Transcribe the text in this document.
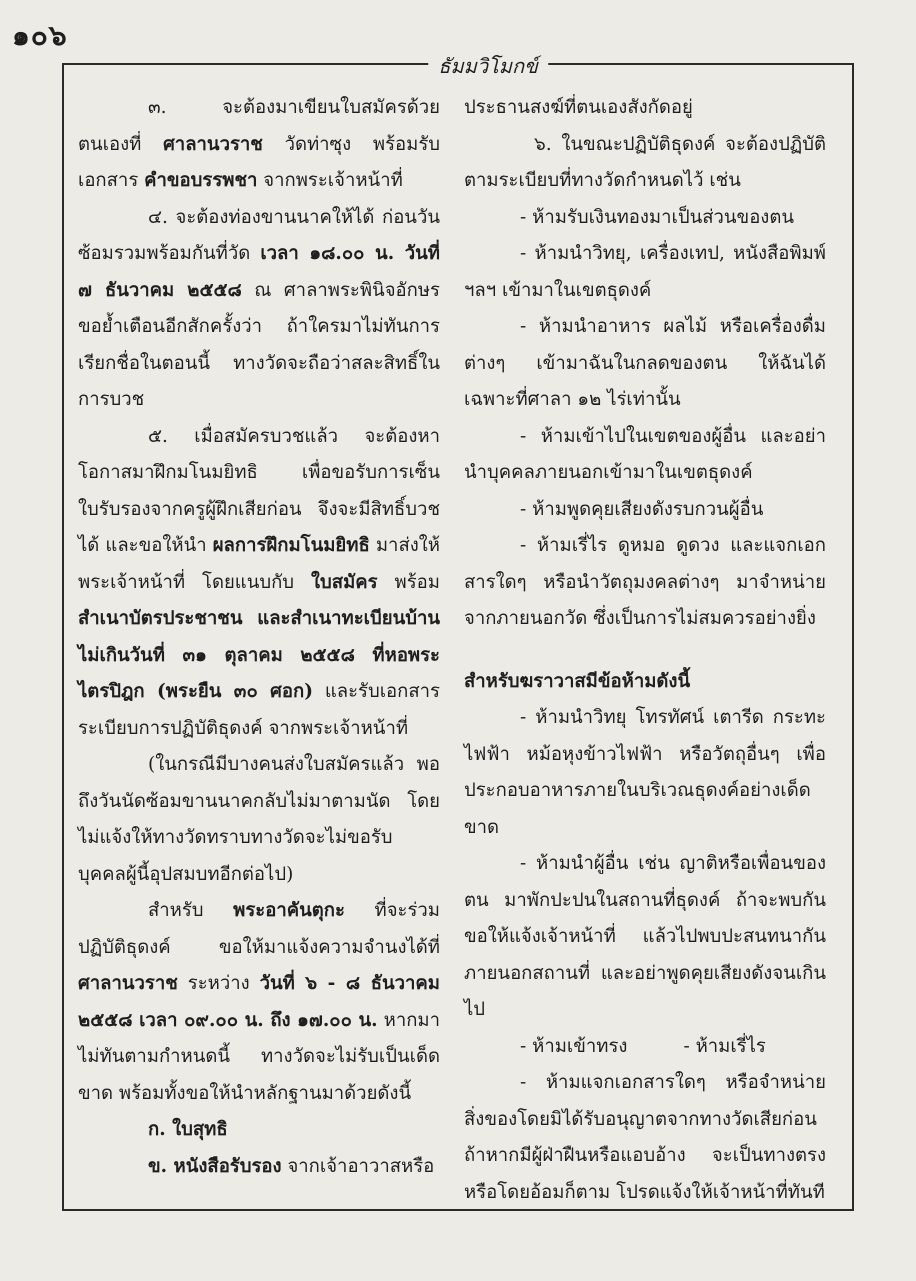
๑๐๖
ธัมมวิโมกข์

๓. จะต้องมาเขียนใบสมัครด้วยตนเองที่ ศาลานวราช วัดท่าซุง พร้อมรับเอกสาร คำขอบรรพชา จากพระเจ้าหน้าที่

๔. จะต้องท่องขานนาคให้ได้ ก่อนวันซ้อมรวมพร้อมกันที่วัด เวลา ๑๘.๐๐ น. วันที่ ๗ ธันวาคม ๒๕๕๘ ณ ศาลาพระพินิจอักษร ขอย้ำเตือนอีกสักครั้งว่า ถ้าใครมาไม่ทันการเรียกชื่อในตอนนี้ ทางวัดจะถือว่าสละสิทธิ์ในการบวช

๕. เมื่อสมัครบวชแล้ว จะต้องหาโอกาสมาฝึกมโนมยิทธิ เพื่อขอรับการเซ็นใบรับรองจากครูผู้ฝึกเสียก่อน จึงจะมีสิทธิ์บวชได้ และขอให้นำ ผลการฝึกมโนมยิทธิ มาส่งให้พระเจ้าหน้าที่ โดยแนบกับ ใบสมัคร พร้อม สำเนาบัตรประชาชน และสำเนาทะเบียนบ้าน ไม่เกินวันที่ ๓๑ ตุลาคม ๒๕๕๘ ที่หอพระไตรปิฎก (พระยืน ๓๐ ศอก) และรับเอกสารระเบียบการปฏิบัติธุดงค์ จากพระเจ้าหน้าที่

(ในกรณีมีบางคนส่งใบสมัครแล้ว พอถึงวันนัดซ้อมขานนาคกลับไม่มาตามนัด โดยไม่แจ้งให้ทางวัดทราบทางวัดจะไม่ขอรับบุคคลผู้นี้อุปสมบทอีกต่อไป)

สำหรับ พระอาคันตุกะ ที่จะร่วมปฏิบัติธุดงค์ ขอให้มาแจ้งความจำนงได้ที่ ศาลานวราช ระหว่าง วันที่ ๖ - ๘ ธันวาคม ๒๕๕๘ เวลา ๐๙.๐๐ น. ถึง ๑๗.๐๐ น. หากมาไม่ทันตามกำหนดนี้ ทางวัดจะไม่รับเป็นเด็ดขาด พร้อมทั้งขอให้นำหลักฐานมาด้วยดังนี้

ก. ใบสุทธิ

ข. หนังสือรับรอง จากเจ้าอาวาสหรือ

ประธานสงฆ์ที่ตนเองสังกัดอยู่

๖. ในขณะปฏิบัติธุดงค์ จะต้องปฏิบัติตามระเบียบที่ทางวัดกำหนดไว้ เช่น

- ห้ามรับเงินทองมาเป็นส่วนของตน

- ห้ามนำวิทยุ, เครื่องเทป, หนังสือพิมพ์ ฯลฯ เข้ามาในเขตธุดงค์

- ห้ามนำอาหาร ผลไม้ หรือเครื่องดื่มต่างๆ เข้ามาฉันในกลดของตน ให้ฉันได้เฉพาะที่ศาลา ๑๒ ไร่เท่านั้น

- ห้ามเข้าไปในเขตของผู้อื่น และอย่านำบุคคลภายนอกเข้ามาในเขตธุดงค์

- ห้ามพูดคุยเสียงดังรบกวนผู้อื่น

- ห้ามเรี่ไร ดูหมอ ดูดวง และแจกเอกสารใดๆ หรือนำวัตถุมงคลต่างๆ มาจำหน่ายจากภายนอกวัด ซึ่งเป็นการไม่สมควรอย่างยิ่ง

สำหรับฆราวาสมีข้อห้ามดังนี้

- ห้ามนำวิทยุ โทรทัศน์ เตารีด กระทะไฟฟ้า หม้อหุงข้าวไฟฟ้า หรือวัตถุอื่นๆ เพื่อประกอบอาหารภายในบริเวณธุดงค์อย่างเด็ดขาด

- ห้ามนำผู้อื่น เช่น ญาติหรือเพื่อนของตน มาพักปะปนในสถานที่ธุดงค์ ถ้าจะพบกันขอให้แจ้งเจ้าหน้าที่ แล้วไปพบปะสนทนากันภายนอกสถานที่ และอย่าพูดคุยเสียงดังจนเกินไป

- ห้ามเข้าทรง	- ห้ามเรี่ไร

- ห้ามแจกเอกสารใดๆ หรือจำหน่ายสิ่งของโดยมิได้รับอนุญาตจากทางวัดเสียก่อน ถ้าหากมีผู้ฝ่าฝืนหรือแอบอ้าง จะเป็นทางตรงหรือโดยอ้อมก็ตาม โปรดแจ้งให้เจ้าหน้าที่ทันที
